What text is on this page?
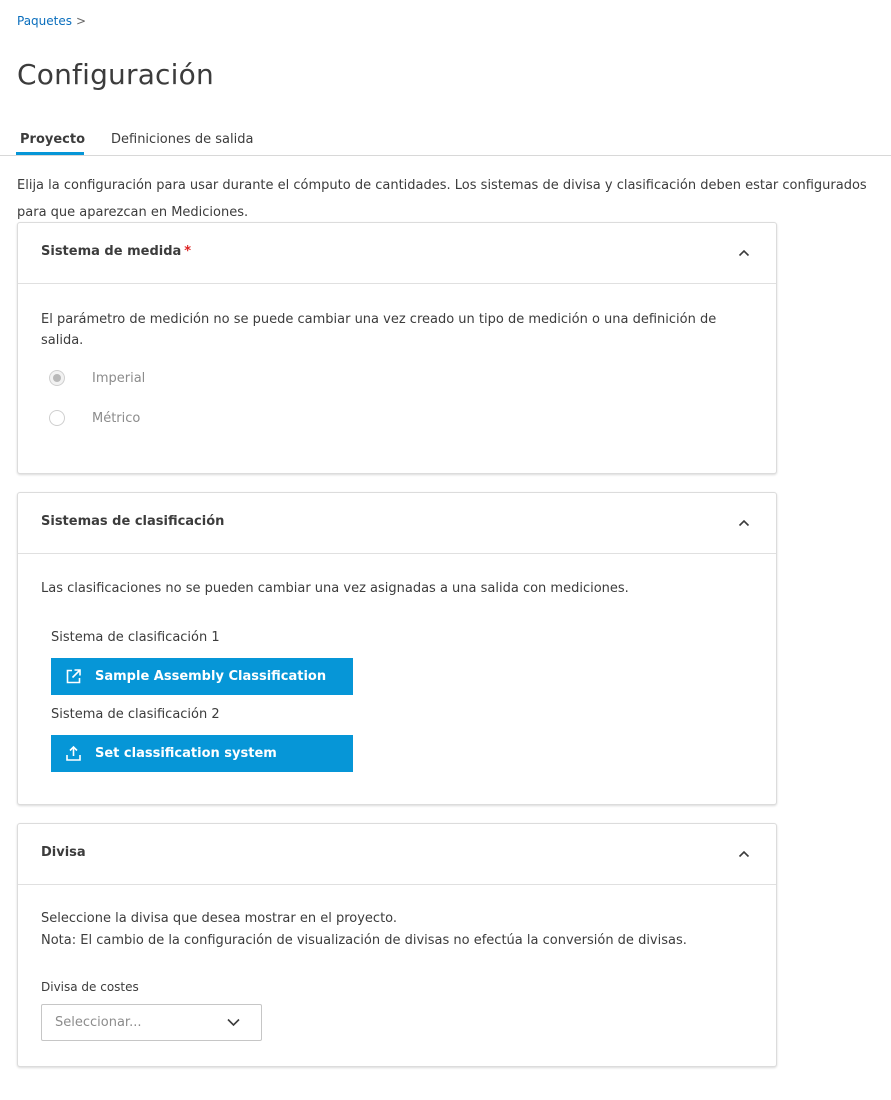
Paquetes >
Configuración
Proyecto Definiciones de salida

Elija la configuración para usar durante el cómputo de cantidades. Los sistemas de divisa y clasificación deben estar configurados para que aparezcan en Mediciones.

Sistema de medida *

El parámetro de medición no se puede cambiar una vez creado un tipo de medición o una definición de salida.

Imperial
Métrico
Sistemas de clasificación

Las clasificaciones no se pueden cambiar una vez asignadas a una salida con mediciones.

Sistema de clasificación 1
Sample Assembly Classification
Sistema de clasificación 2
Set classification system
Divisa

Seleccione la divisa que desea mostrar en el proyecto.

Nota: El cambio de la configuración de visualización de divisas no efectúa la conversión de divisas.

Divisa de costes
Seleccionar...
